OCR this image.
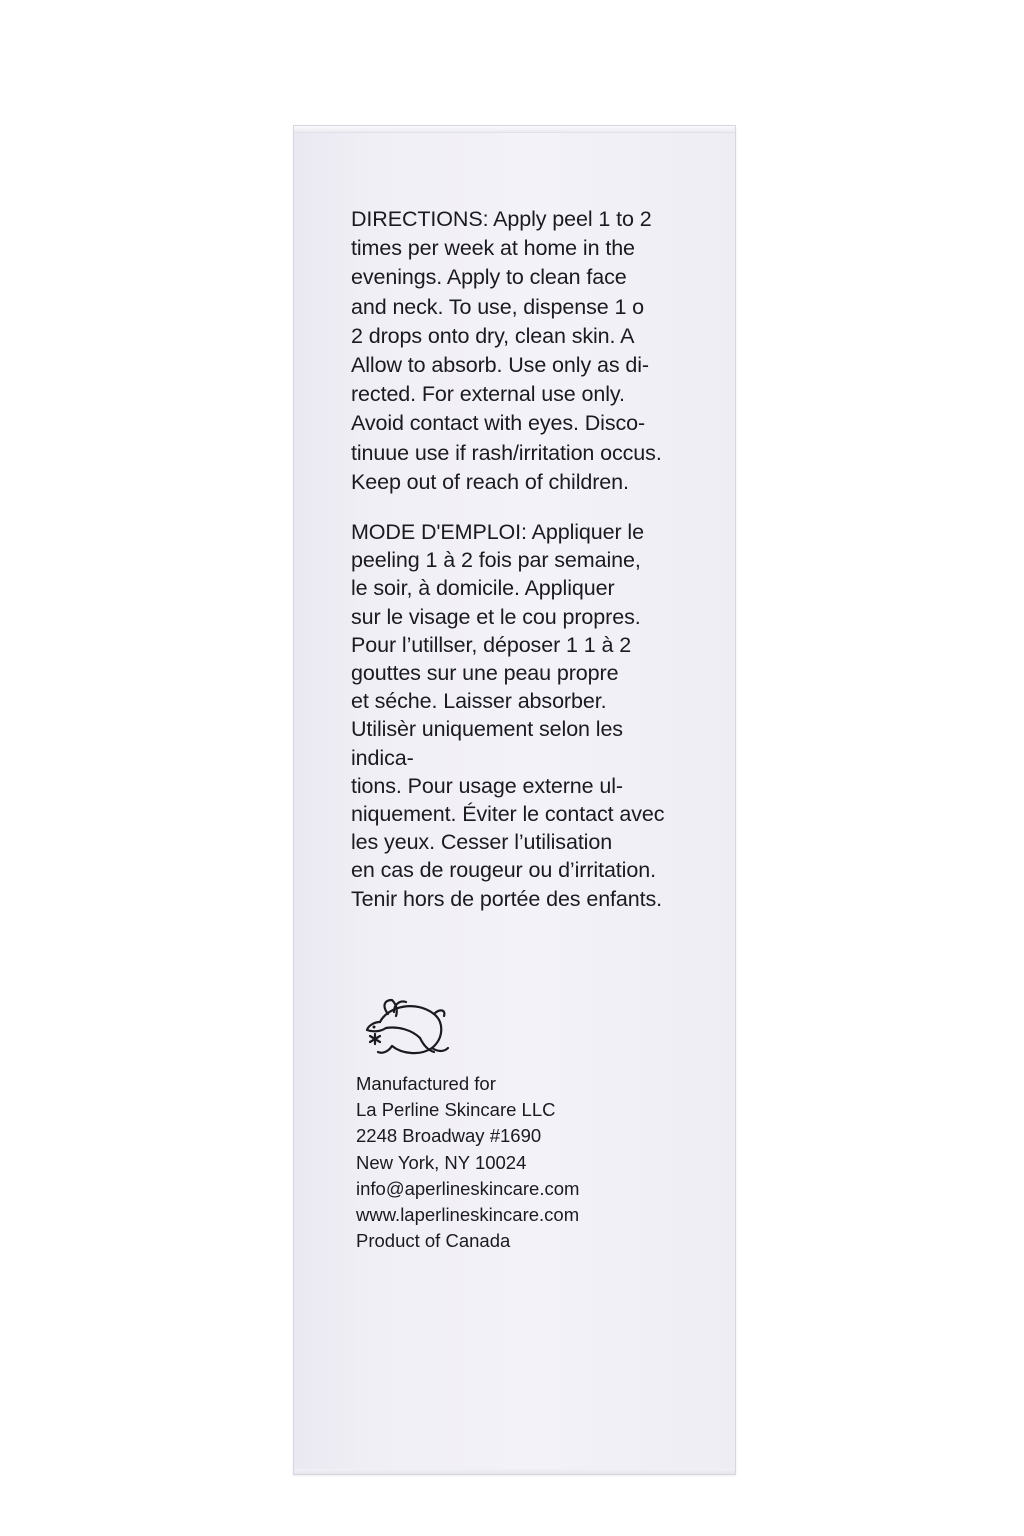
DIRECTIONS: Apply peel 1 to 2
times per week at home in the
evenings. Apply to clean face
and neck. To use, dispense 1 o
2 drops onto dry, clean skin. A
Allow to absorb. Use only as di-
rected. For external use only.
Avoid contact with eyes. Disco-
tinuue use if rash/irritation occus.
Keep out of reach of children.

MODE D'EMPLOI: Appliquer le
peeling 1 à 2 fois par semaine,
le soir, à domicile. Appliquer
sur le visage et le cou propres.
Pour l’utillser, déposer 1 1 à 2
gouttes sur une peau propre
et séche. Laisser absorber.
Utilisèr uniquement selon les indica-
tions. Pour usage externe ul-
niquement. Éviter le contact avec
les yeux. Cesser l’utilisation
en cas de rougeur ou d’irritation.
Tenir hors de portée des enfants.

Manufactured for
La Perline Skincare LLC
2248 Broadway #1690
New York, NY 10024
info@aperlineskincare.com
www.laperlineskincare.com
Product of Canada
